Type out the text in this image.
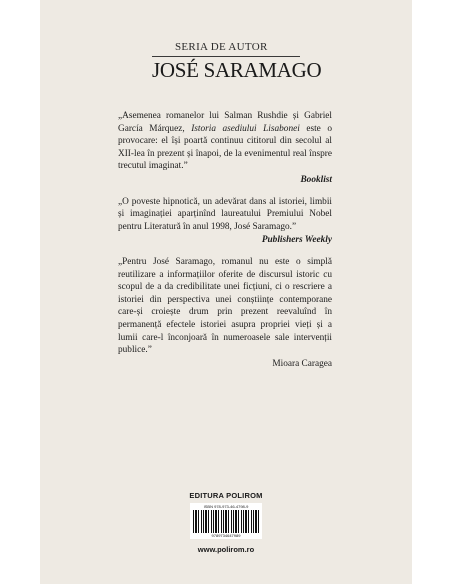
SERIA DE AUTOR
JOSÉ SARAMAGO

„Asemenea romanelor lui Salman Rushdie și Gabriel García Márquez, Istoria asediului Lisabonei este o provocare: el își poartă continuu cititorul din secolul al XII-lea în prezent și înapoi, de la evenimentul real înspre trecutul imaginat.”

Booklist

„O poveste hipnotică, un adevărat dans al istoriei, limbii și imaginației aparținînd laureatului Premiului Nobel pentru Literatură în anul 1998, José Saramago.”

Publishers Weekly

„Pentru José Saramago, romanul nu este o simplă reutilizare a informațiilor oferite de discursul istoric cu scopul de a da credibilitate unei ficțiuni, ci o rescriere a istoriei din perspectiva unei conștiințe contemporane care-și croiește drum prin prezent reevaluînd în permanență efectele istoriei asupra propriei vieți și a lumii care-l înconjoară în numeroasele sale intervenții publice.”

Mioara Caragea
EDITURA POLIROM
ISBN 978-973-46-4798-9
9789734647989
www.polirom.ro
